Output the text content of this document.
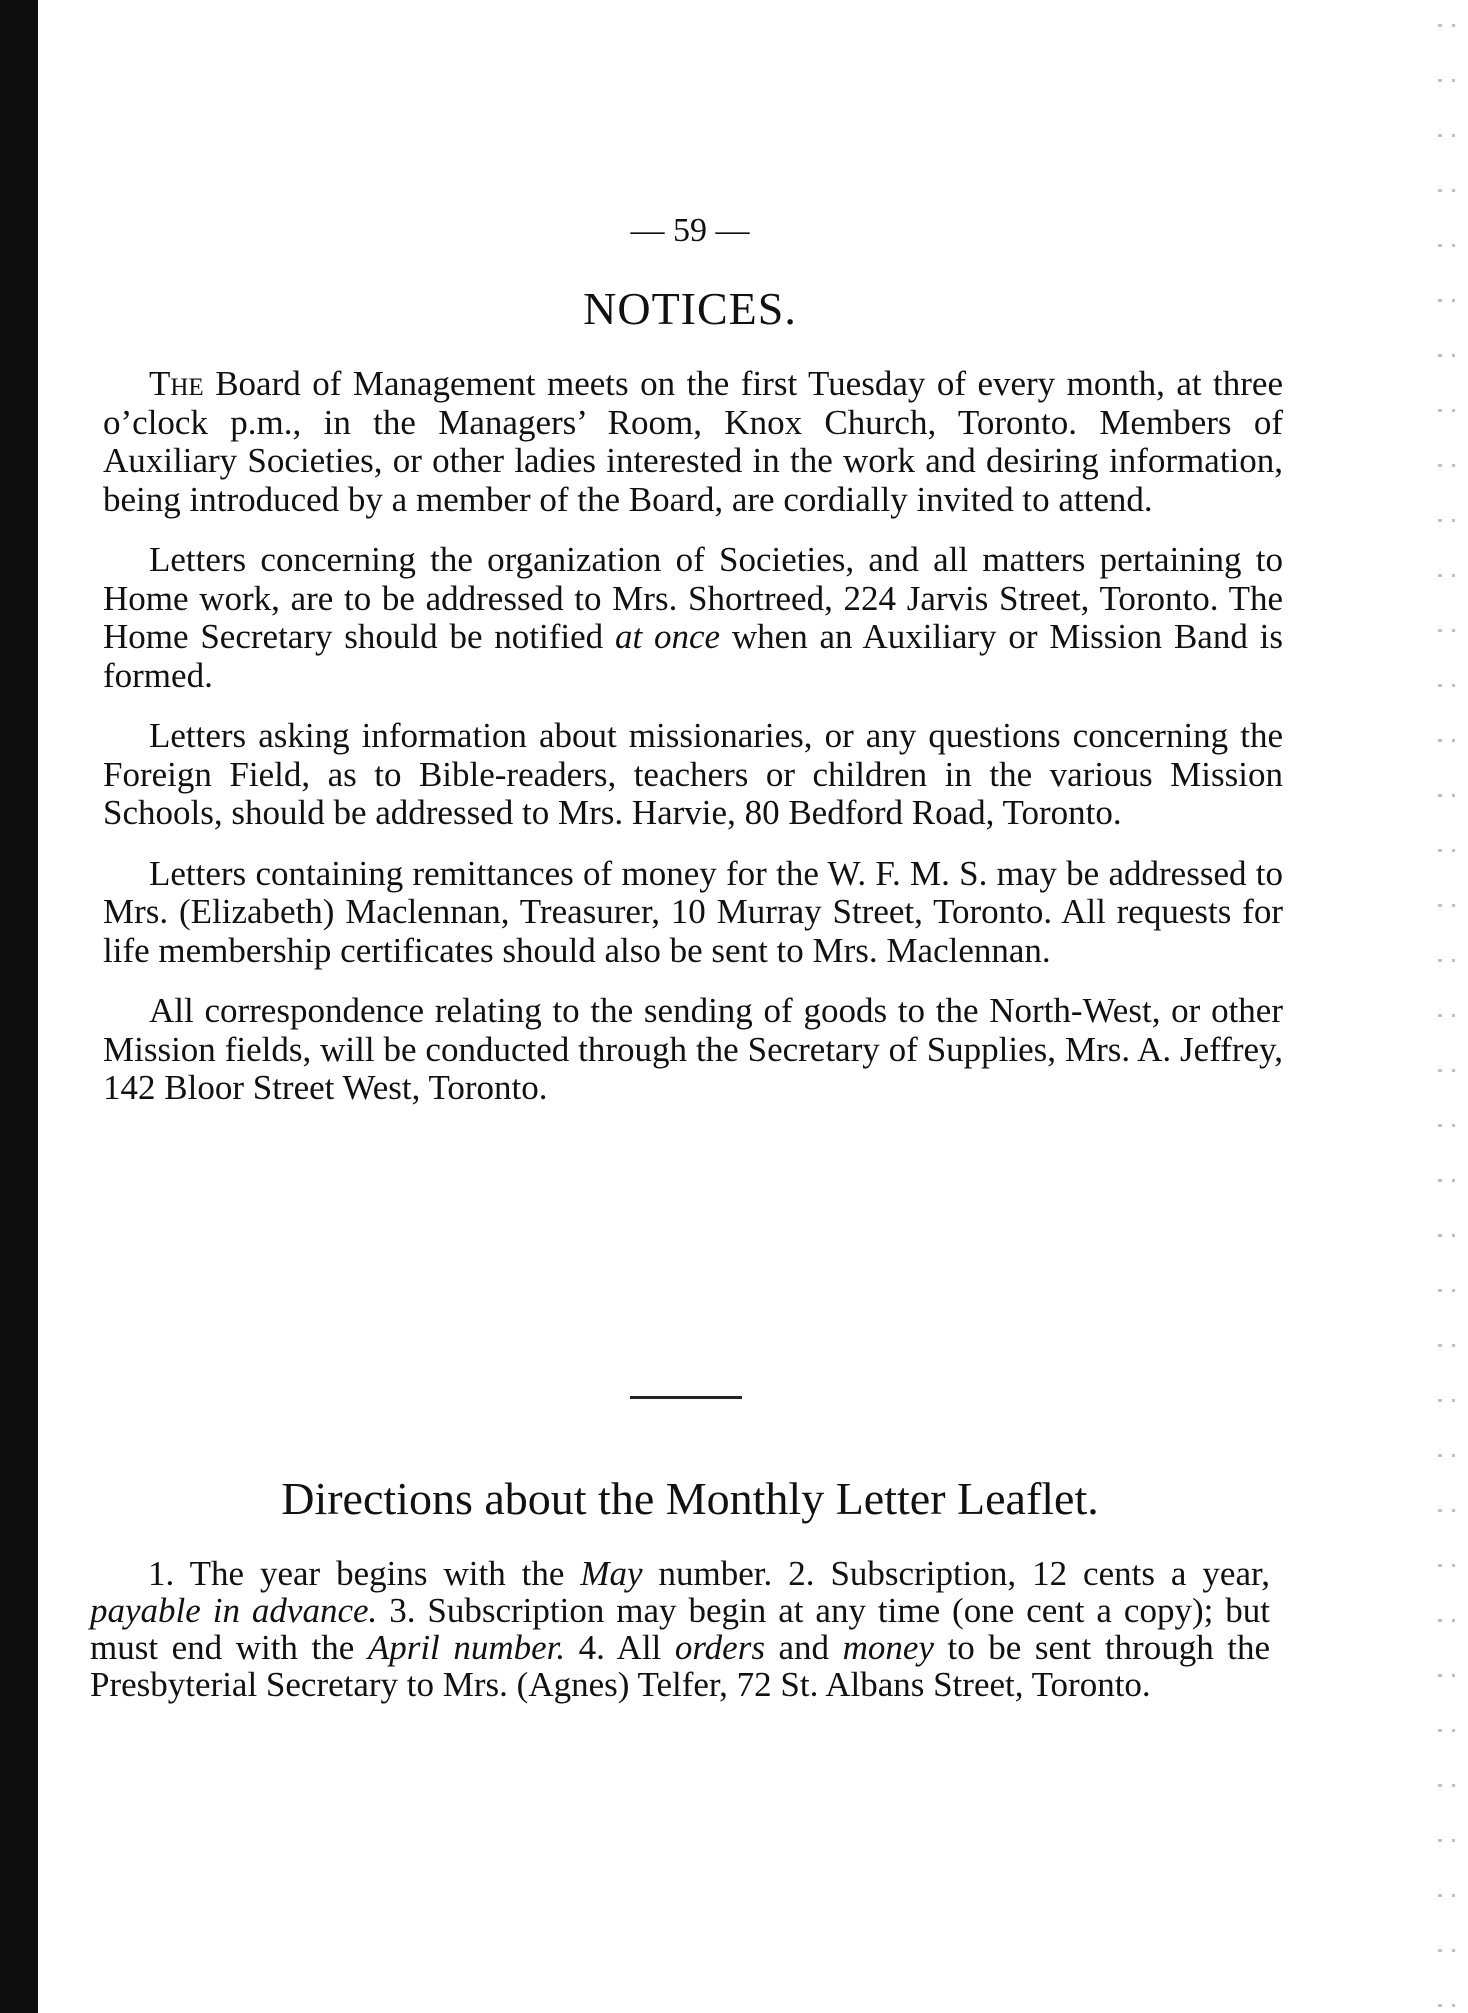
— 59 —
NOTICES.

The Board of Management meets on the first Tuesday of every month, at three o’clock p.m., in the Managers’ Room, Knox Church, Toronto. Members of Auxiliary Societies, or other ladies interested in the work and desiring information, being introduced by a member of the Board, are cordially invited to attend.

Letters concerning the organization of Societies, and all matters pertaining to Home work, are to be addressed to Mrs. Shortreed, 224 Jarvis Street, Toronto. The Home Secretary should be notified at once when an Auxiliary or Mission Band is formed.

Letters asking information about missionaries, or any questions concerning the Foreign Field, as to Bible-readers, teachers or children in the various Mission Schools, should be addressed to Mrs. Harvie, 80 Bedford Road, Toronto.

Letters containing remittances of money for the W. F. M. S. may be addressed to Mrs. (Elizabeth) Maclennan, Treasurer, 10 Murray Street, Toronto. All requests for life membership certificates should also be sent to Mrs. Maclennan.

All correspondence relating to the sending of goods to the North-West, or other Mission fields, will be conducted through the Secretary of Supplies, Mrs. A. Jeffrey, 142 Bloor Street West, Toronto.

Directions about the Monthly Letter Leaflet.

1. The year begins with the May number. 2. Subscription, 12 cents a year, payable in advance. 3. Subscription may begin at any time (one cent a copy); but must end with the April number. 4. All orders and money to be sent through the Presbyterial Secretary to Mrs. (Agnes) Telfer, 72 St. Albans Street, Toronto.
